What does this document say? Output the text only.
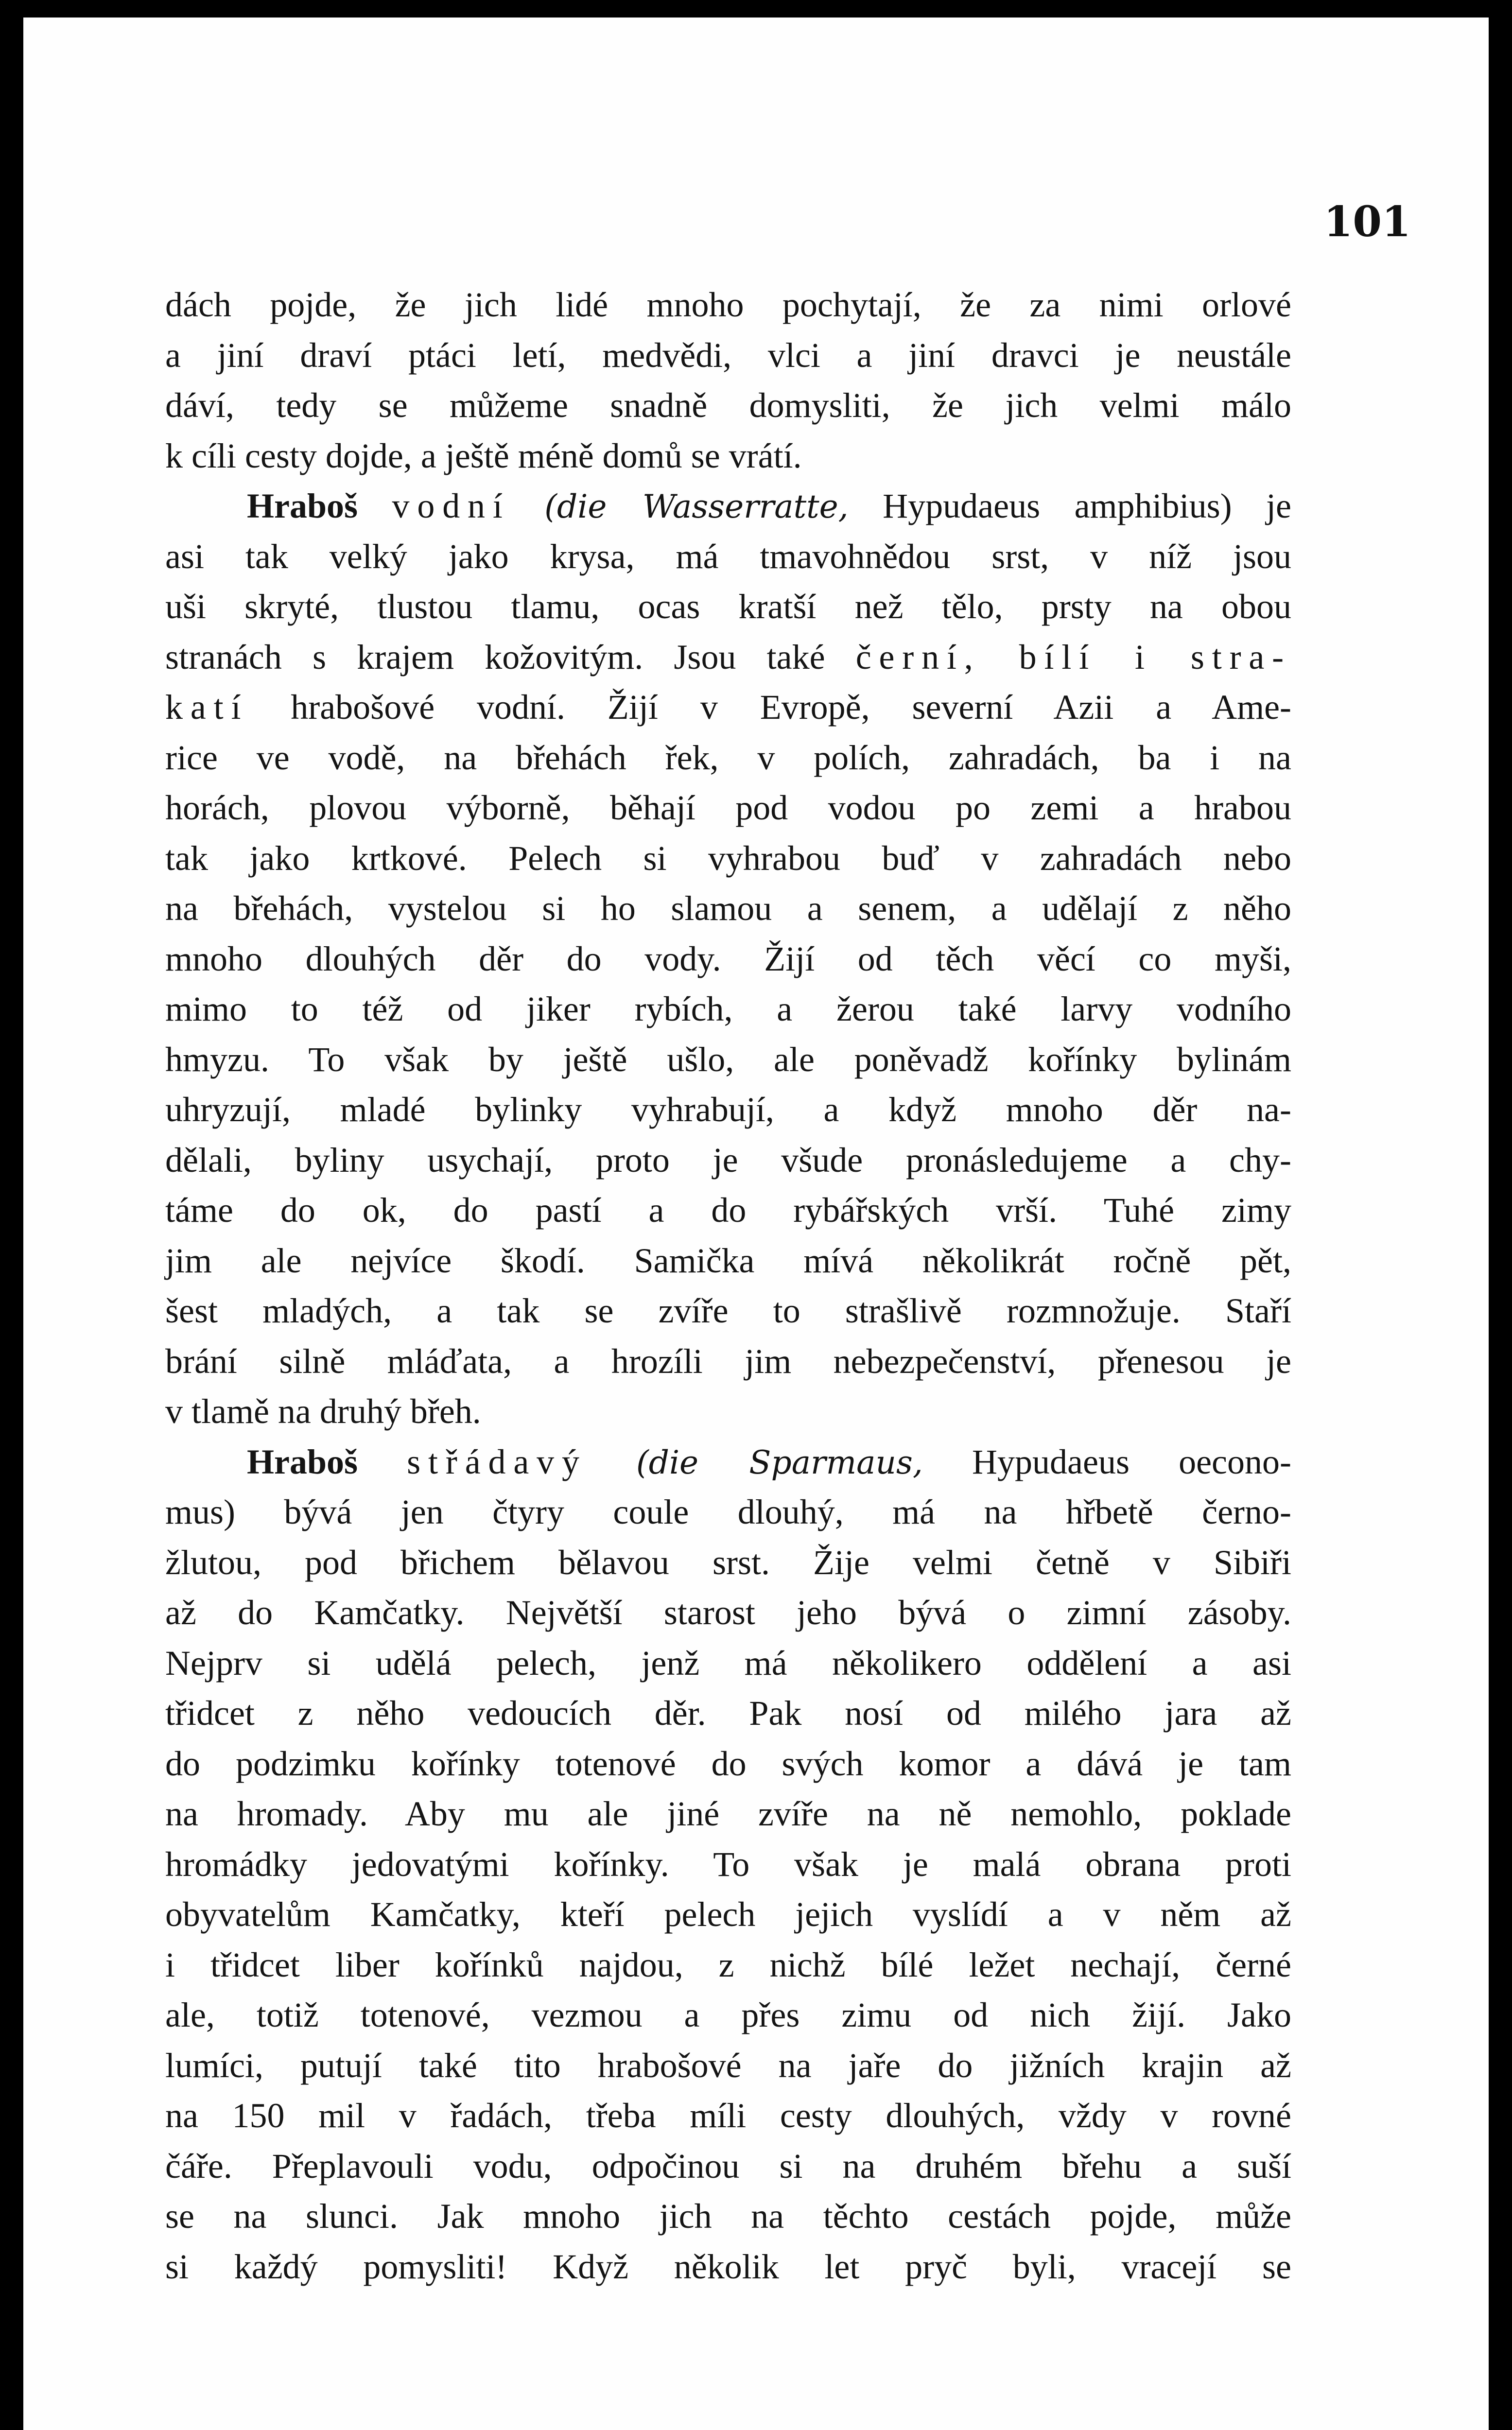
101
dách pojde, že jich lidé mnoho pochytají, že za nimi orlové
a jiní draví ptáci letí, medvědi, vlci a jiní dravci je neustále
dáví, tedy se můžeme snadně domysliti, že jich velmi málo
k cíli cesty dojde, a ještě méně domů se vrátí.
Hraboš vodní (die Wasserratte, Hypudaeus amphibius) je
asi tak velký jako krysa, má tmavohnědou srst, v níž jsou
uši skryté, tlustou tlamu, ocas kratší než tělo, prsty na obou
stranách s krajem kožovitým. Jsou také černí, bílí i stra-
katí hrabošové vodní. Žijí v Evropě, severní Azii a Ame-
rice ve vodě, na břehách řek, v polích, zahradách, ba i na
horách, plovou výborně, běhají pod vodou po zemi a hrabou
tak jako krtkové. Pelech si vyhrabou buď v zahradách nebo
na břehách, vystelou si ho slamou a senem, a udělají z něho
mnoho dlouhých děr do vody. Žijí od těch věcí co myši,
mimo to též od jiker rybích, a žerou také larvy vodního
hmyzu. To však by ještě ušlo, ale poněvadž kořínky bylinám
uhryzují, mladé bylinky vyhrabují, a když mnoho děr na-
dělali, byliny usychají, proto je všude pronásledujeme a chy-
táme do ok, do pastí a do rybářských vrší. Tuhé zimy
jim ale nejvíce škodí. Samička mívá několikrát ročně pět,
šest mladých, a tak se zvíře to strašlivě rozmnožuje. Staří
brání silně mláďata, a hrozíli jim nebezpečenství, přenesou je
v tlamě na druhý břeh.
Hraboš střádavý (die Sparmaus, Hypudaeus oecono-
mus) bývá jen čtyry coule dlouhý, má na hřbetě černo-
žlutou, pod břichem bělavou srst. Žije velmi četně v Sibiři
až do Kamčatky. Největší starost jeho bývá o zimní zásoby.
Nejprv si udělá pelech, jenž má několikero oddělení a asi
třidcet z něho vedoucích děr. Pak nosí od milého jara až
do podzimku kořínky totenové do svých komor a dává je tam
na hromady. Aby mu ale jiné zvíře na ně nemohlo, poklade
hromádky jedovatými kořínky. To však je malá obrana proti
obyvatelům Kamčatky, kteří pelech jejich vyslídí a v něm až
i třidcet liber kořínků najdou, z nichž bílé ležet nechají, černé
ale, totiž totenové, vezmou a přes zimu od nich žijí. Jako
lumíci, putují také tito hrabošové na jaře do jižních krajin až
na 150 mil v řadách, třeba míli cesty dlouhých, vždy v rovné
čáře. Přeplavouli vodu, odpočinou si na druhém břehu a suší
se na slunci. Jak mnoho jich na těchto cestách pojde, může
si každý pomysliti! Když několik let pryč byli, vracejí se
